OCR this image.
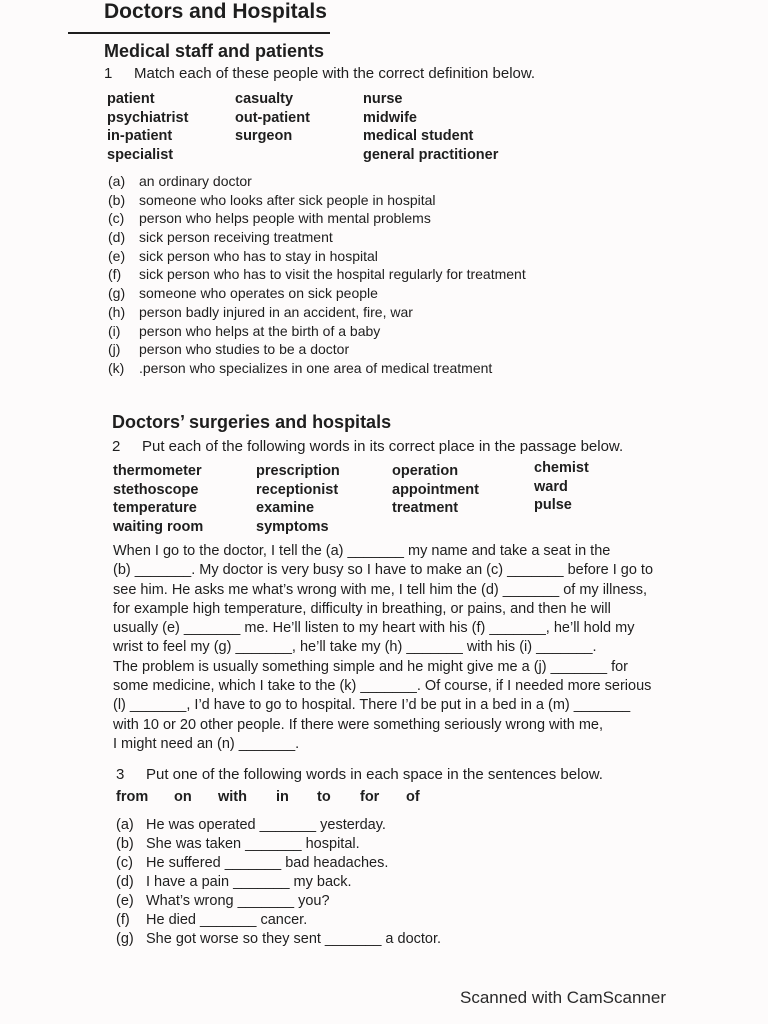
Doctors and Hospitals
Medical staff and patients

1 Match each of these people with the correct definition below.

patient
psychiatrist
in-patient
specialist
casualty
out-patient
surgeon
nurse
midwife
medical student
general practitioner
(a) an ordinary doctor
(b) someone who looks after sick people in hospital
(c) person who helps people with mental problems
(d) sick person receiving treatment
(e) sick person who has to stay in hospital
(f) sick person who has to visit the hospital regularly for treatment
(g) someone who operates on sick people
(h) person badly injured in an accident, fire, war
(i) person who helps at the birth of a baby
(j) person who studies to be a doctor
(k) .person who specializes in one area of medical treatment
Doctors’ surgeries and hospitals

2 Put each of the following words in its correct place in the passage below.

thermometer
stethoscope
temperature
waiting room
prescription
receptionist
examine
symptoms
operation
appointment
treatment
chemist
ward
pulse
When I go to the doctor, I tell the (a) _______ my name and take a seat in the
(b) _______. My doctor is very busy so I have to make an (c) _______ before I go to
see him. He asks me what’s wrong with me, I tell him the (d) _______ of my illness,
for example high temperature, difficulty in breathing, or pains, and then he will
usually (e) _______ me. He’ll listen to my heart with his (f) _______, he’ll hold my
wrist to feel my (g) _______, he’ll take my (h) _______ with his (i) _______.
The problem is usually something simple and he might give me a (j) _______ for
some medicine, which I take to the (k) _______. Of course, if I needed more serious
(l) _______, I’d have to go to hospital. There I’d be put in a bed in a (m) _______
with 10 or 20 other people. If there were something seriously wrong with me,
I might need an (n) _______.

3 Put one of the following words in each space in the sentences below.

from on with in to for of
(a) He was operated _______ yesterday.
(b) She was taken _______ hospital.
(c) He suffered _______ bad headaches.
(d) I have a pain _______ my back.
(e) What’s wrong _______ you?
(f) He died _______ cancer.
(g) She got worse so they sent _______ a doctor.
Scanned with CamScanner
